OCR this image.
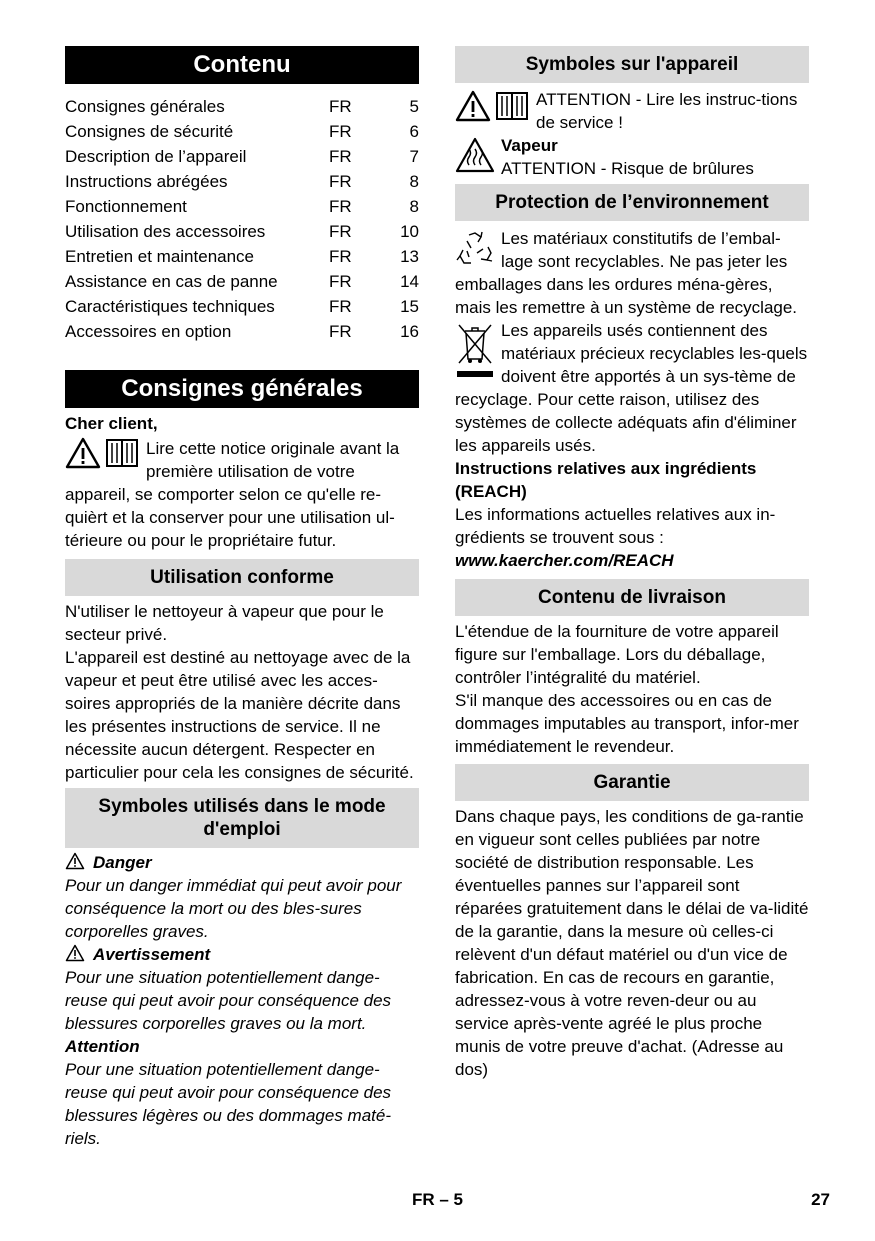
Contenu
Consignes générales	FR	5
Consignes de sécurité	FR	6
Description de l’appareil	FR	7
Instructions abrégées	FR	8
Fonctionnement	FR	8
Utilisation des accessoires	FR	10
Entretien et maintenance	FR	13
Assistance en cas de panne	FR	14
Caractéristiques techniques	FR	15
Accessoires en option	FR	16
Consignes générales

Cher client,

Lire cette notice originale avant la première utilisation de votre

appareil, se comporter selon ce qu'elle re-quièrt et la conserver pour une utilisation ul-térieure ou pour le propriétaire futur.

Utilisation conforme

N'utiliser le nettoyeur à vapeur que pour le secteur privé.

L'appareil est destiné au nettoyage avec de la vapeur et peut être utilisé avec les acces-soires appropriés de la manière décrite dans les présentes instructions de service. Il ne nécessite aucun détergent. Respecter en particulier pour cela les consignes de sécurité.

Symboles utilisés dans le mode d'emploi

Danger

Pour un danger immédiat qui peut avoir pour conséquence la mort ou des bles-sures corporelles graves.

Avertissement

Pour une situation potentiellement dange-reuse qui peut avoir pour conséquence des blessures corporelles graves ou la mort.

Attention

Pour une situation potentiellement dange-reuse qui peut avoir pour conséquence des blessures légères ou des dommages maté-riels.

Symboles sur l'appareil

ATTENTION - Lire les instruc-tions de service !

Vapeur

ATTENTION - Risque de brûlures

Protection de l’environnement

Les matériaux constitutifs de l’embal-lage sont recyclables. Ne pas jeter les emballages dans les ordures ména-gères, mais les remettre à un système de recyclage.

Les appareils usés contiennent des matériaux précieux recyclables les-quels doivent être apportés à un sys-tème de recyclage. Pour cette raison, utilisez des systèmes de collecte adéquats afin d'éliminer les appareils usés.

Instructions relatives aux ingrédients (REACH)

Les informations actuelles relatives aux in-grédients se trouvent sous :

www.kaercher.com/REACH

Contenu de livraison

L'étendue de la fourniture de votre appareil figure sur l'emballage. Lors du déballage, contrôler l’intégralité du matériel.

S'il manque des accessoires ou en cas de dommages imputables au transport, infor-mer immédiatement le revendeur.

Garantie

Dans chaque pays, les conditions de ga-rantie en vigueur sont celles publiées par notre société de distribution responsable. Les éventuelles pannes sur l’appareil sont réparées gratuitement dans le délai de va-lidité de la garantie, dans la mesure où celles-ci relèvent d'un défaut matériel ou d'un vice de fabrication. En cas de recours en garantie, adressez-vous à votre reven-deur ou au service après-vente agréé le plus proche munis de votre preuve d'achat. (Adresse au dos)

FR – 5	27
